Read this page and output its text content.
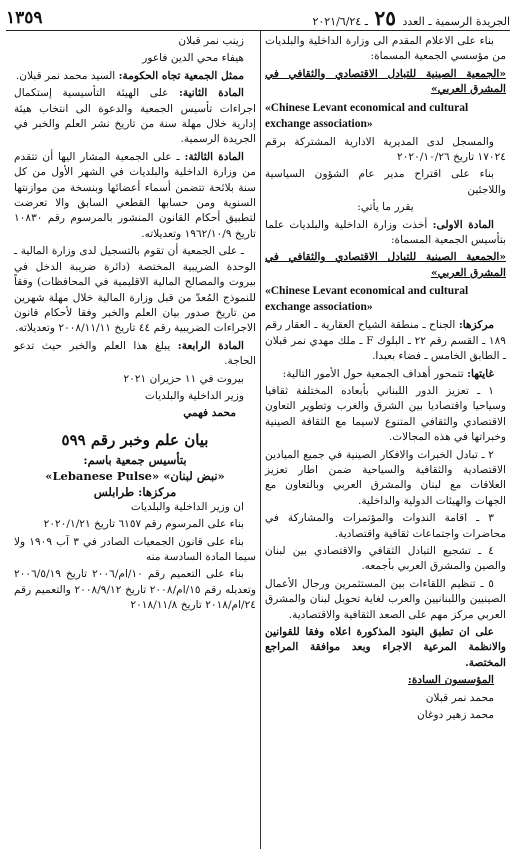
الجريدة الرسمية ـ العدد ٢٥ ـ ٢٠٢١/٦/٢٤
١٣٥٩

بناء على الاعلام المقدم الى وزارة الداخلية والبلديات من مؤسسي الجمعية المسماة:

«الجمعية الصينية للتبادل الاقتصادي والثقافي في المشرق العربي»

«Chinese Levant economical and cultural exchange association»

والمسجل لدى المديرية الادارية المشتركة برقم ١٧٠٢٤ تاريخ ٢٠٢٠/١٠/٢٦

بناء على اقتراح مدير عام الشؤون السياسية واللاجئين

يقرر ما يأتي:

المادة الاولى: أخذت وزارة الداخلية والبلديات علما بتأسيس الجمعية المسماة:

«الجمعية الصينية للتبادل الاقتصادي والثقافي في المشرق العربي»

«Chinese Levant economical and cultural exchange association»

مركزها: الجناح ـ منطقة الشياح العقارية ـ العقار رقم ١٨٩ ـ القسم رقم ٢٢ ـ البلوك F ـ ملك مهدي نمر قبلان ـ الطابق الخامس ـ فضاء بعبدا.

غايتها: تتمحور أهداف الجمعية حول الأمور التالية:

١ ـ تعزيز الدور اللبناني بأبعاده المختلفة ثقافيا وسياحيا واقتصاديا بين الشرق والغرب وتطوير التعاون الاقتصادي والثقافي المتنوع لاسيما مع الثقافة الصينية وخبراتها في هذه المجالات.

٢ ـ تبادل الخبرات والافكار الصينية في جميع الميادين الاقتصادية والثقافية والسياحية ضمن اطار تعزيز العلاقات مع لبنان والمشرق العربي وبالتعاون مع الجهات والهيئات الدولية والداخلية.

٣ ـ اقامة الندوات والمؤتمرات والمشاركة في محاضرات واجتماعات ثقافية واقتصادية.

٤ ـ تشجيع التبادل الثقافي والاقتصادي بين لبنان والصين والمشرق العربي بأجمعه.

٥ ـ تنظيم اللقاءات بين المستثمرين ورجال الأعمال الصينيين واللبنانيين والعرب لغاية تحويل لبنان والمشرق العربي مركز مهم على الصعد الثقافية والاقتصادية.

على ان تطبق البنود المذكورة اعلاه وفقا للقوانين والانظمة المرعية الاجراء وبعد موافقة المراجع المختصة.

المؤسسون السادة:

محمد نمر قبلان

محمد زهير دوغان

زينب نمر قبلان

هيفاء محي الدين فاعور

ممثل الجمعية تجاه الحكومة: السيد محمد نمر قبلان.

المادة الثانية: على الهيئة التأسيسية إستكمال اجراءات تأسيس الجمعية والدعوة الى انتخاب هيئة إدارية خلال مهلة سنة من تاريخ نشر العلم والخبر في الجريدة الرسمية.

المادة الثالثة: ـ على الجمعية المشار اليها أن تتقدم من وزارة الداخلية والبلديات في الشهر الأول من كل سنة بلائحة تتضمن أسماء أعضائها وبنسخة من موازنتها السنوية ومن حسابها القطعي السابق والا تعرضت لتطبيق أحكام القانون المنشور بالمرسوم رقم ١٠٨٣٠ تاريخ ١٩٦٢/١٠/٩ وتعديلاته.

ـ على الجمعية أن تقوم بالتسجيل لدى وزارة المالية ـ الوحدة الضريبية المختصة (دائرة ضريبة الدخل في بيروت والمصالح المالية الاقليمية في المحافظات) وفقاً للنموذج المُعدّ من قبل وزارة المالية خلال مهلة شهرين من تاريخ صدور بيان العلم والخبر وفقا لأحكام قانون الاجراءات الضريبية رقم ٤٤ تاريخ ٢٠٠٨/١١/١١ وتعديلاته.

المادة الرابعة: يبلغ هذا العلم والخبر حيث تدعو الحاجة.

بيروت في ١١ حزيران ٢٠٢١

وزير الداخلية والبلديات

محمد فهمي

بيان علم وخبر رقم ٥٩٩
بتأسيس جمعية باسم:
«نبض لبنان» «Lebanese Pulse»
مركزها: طرابلس

ان وزير الداخلية والبلديات

بناء على المرسوم رقم ٦١٥٧ تاريخ ٢٠٢٠/١/٢١

بناء على قانون الجمعيات الصادر في ٣ آب ١٩٠٩ ولا سيما المادة السادسة منه

بناء على التعميم رقم ١٠/ام/٢٠٠٦ تاريخ ٢٠٠٦/٥/١٩ وتعديله رقم ١٥/ام/٢٠٠٨ تاريخ ٢٠٠٨/٩/١٢ والتعميم رقم ٢٤/ام/٢٠١٨ تاريخ ٢٠١٨/١١/٨
